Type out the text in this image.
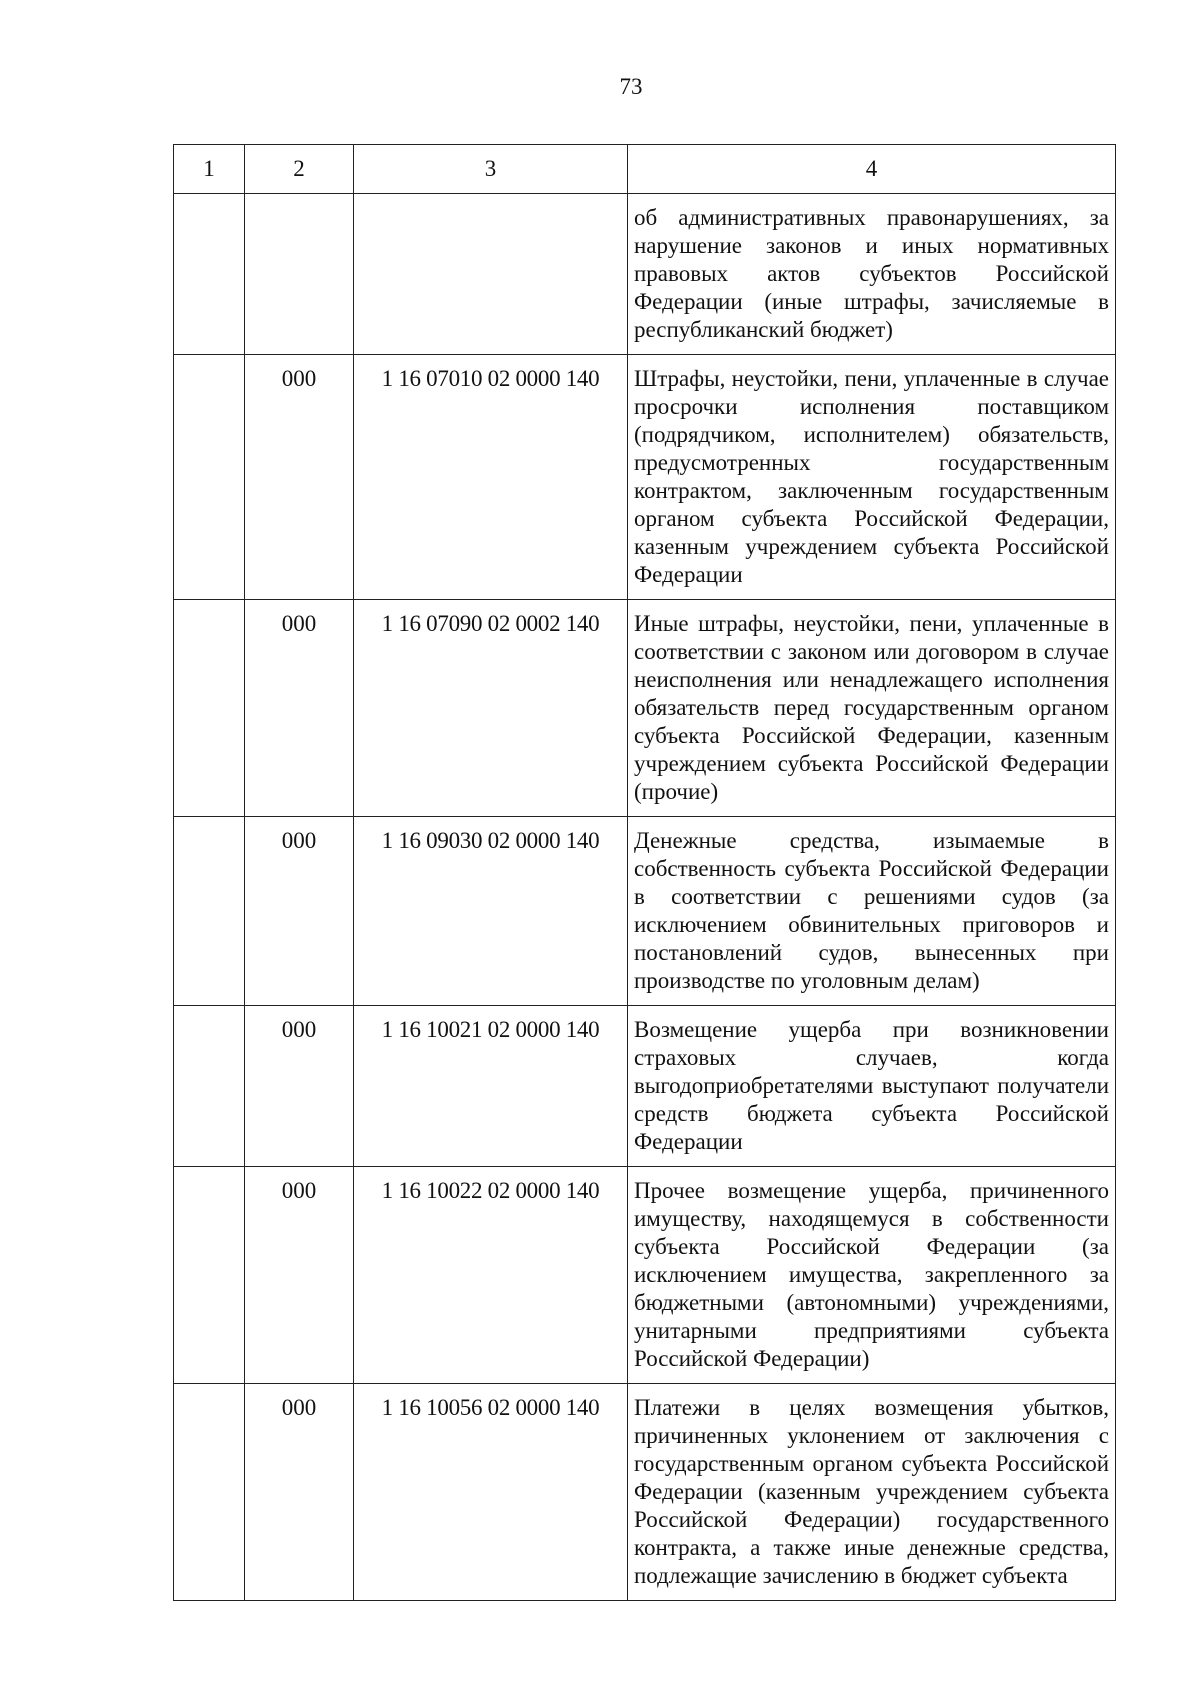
73
1	2	3	4
			об административных правонарушениях, за нарушение законов и иных нормативных правовых актов субъектов Российской Федерации (иные штрафы, зачисляемые в республиканский бюджет)
	000	1 16 07010 02 0000 140	Штрафы, неустойки, пени, уплаченные в случае просрочки исполнения поставщиком (подрядчиком, исполнителем) обязательств, предусмотренных государственным контрактом, заключенным государственным органом субъекта Российской Федерации, казенным учреждением субъекта Российской Федерации
	000	1 16 07090 02 0002 140	Иные штрафы, неустойки, пени, уплаченные в соответствии с законом или договором в случае неисполнения или ненадлежащего исполнения обязательств перед государственным органом субъекта Российской Федерации, казенным учреждением субъекта Российской Федерации (прочие)
	000	1 16 09030 02 0000 140	Денежные средства, изымаемые в собственность субъекта Российской Федерации в соответствии с решениями судов (за исключением обвинительных приговоров и постановлений судов, вынесенных при производстве по уголовным делам)
	000	1 16 10021 02 0000 140	Возмещение ущерба при возникновении страховых случаев, когда выгодоприобретателями выступают получатели средств бюджета субъекта Российской Федерации
	000	1 16 10022 02 0000 140	Прочее возмещение ущерба, причиненного имуществу, находящемуся в собственности субъекта Российской Федерации (за исключением имущества, закрепленного за бюджетными (автономными) учреждениями, унитарными предприятиями субъекта Российской Федерации)
	000	1 16 10056 02 0000 140	Платежи в целях возмещения убытков, причиненных уклонением от заключения с государственным органом субъекта Российской Федерации (казенным учреждением субъекта Российской Федерации) государственного контракта, а также иные денежные средства, подлежащие зачислению в бюджет субъекта
